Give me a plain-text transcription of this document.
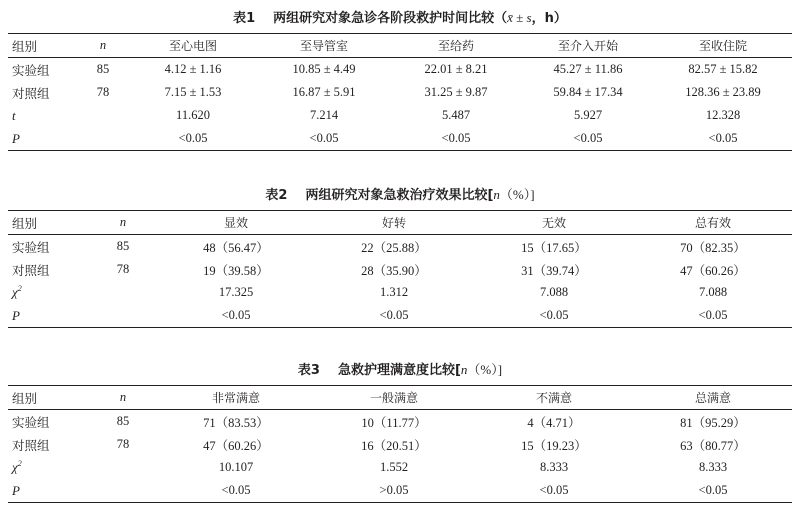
表1 两组研究对象急诊各阶段救护时间比较（x̄ ± s，h）
组别	n	至心电图	至导管室	至给药	至介入开始	至收住院
实验组	85	4.12 ± 1.16	10.85 ± 4.49	22.01 ± 8.21	45.27 ± 11.86	82.57 ± 15.82
对照组	78	7.15 ± 1.53	16.87 ± 5.91	31.25 ± 9.87	59.84 ± 17.34	128.36 ± 23.89
t		11.620	7.214	5.487	5.927	12.328
P		<0.05	<0.05	<0.05	<0.05	<0.05
表2 两组研究对象急救治疗效果比较[n（%）]
组别	n	显效	好转	无效	总有效
实验组	85	48（56.47）	22（25.88）	15（17.65）	70（82.35）
对照组	78	19（39.58）	28（35.90）	31（39.74）	47（60.26）
$\chi^2$		17.325	1.312	7.088	7.088
P		<0.05	<0.05	<0.05	<0.05
表3 急救护理满意度比较[n（%）]
组别	n	非常满意	一般满意	不满意	总满意
实验组	85	71（83.53）	10（11.77）	4（4.71）	81（95.29）
对照组	78	47（60.26）	16（20.51）	15（19.23）	63（80.77）
$\chi^2$		10.107	1.552	8.333	8.333
P		<0.05	>0.05	<0.05	<0.05
